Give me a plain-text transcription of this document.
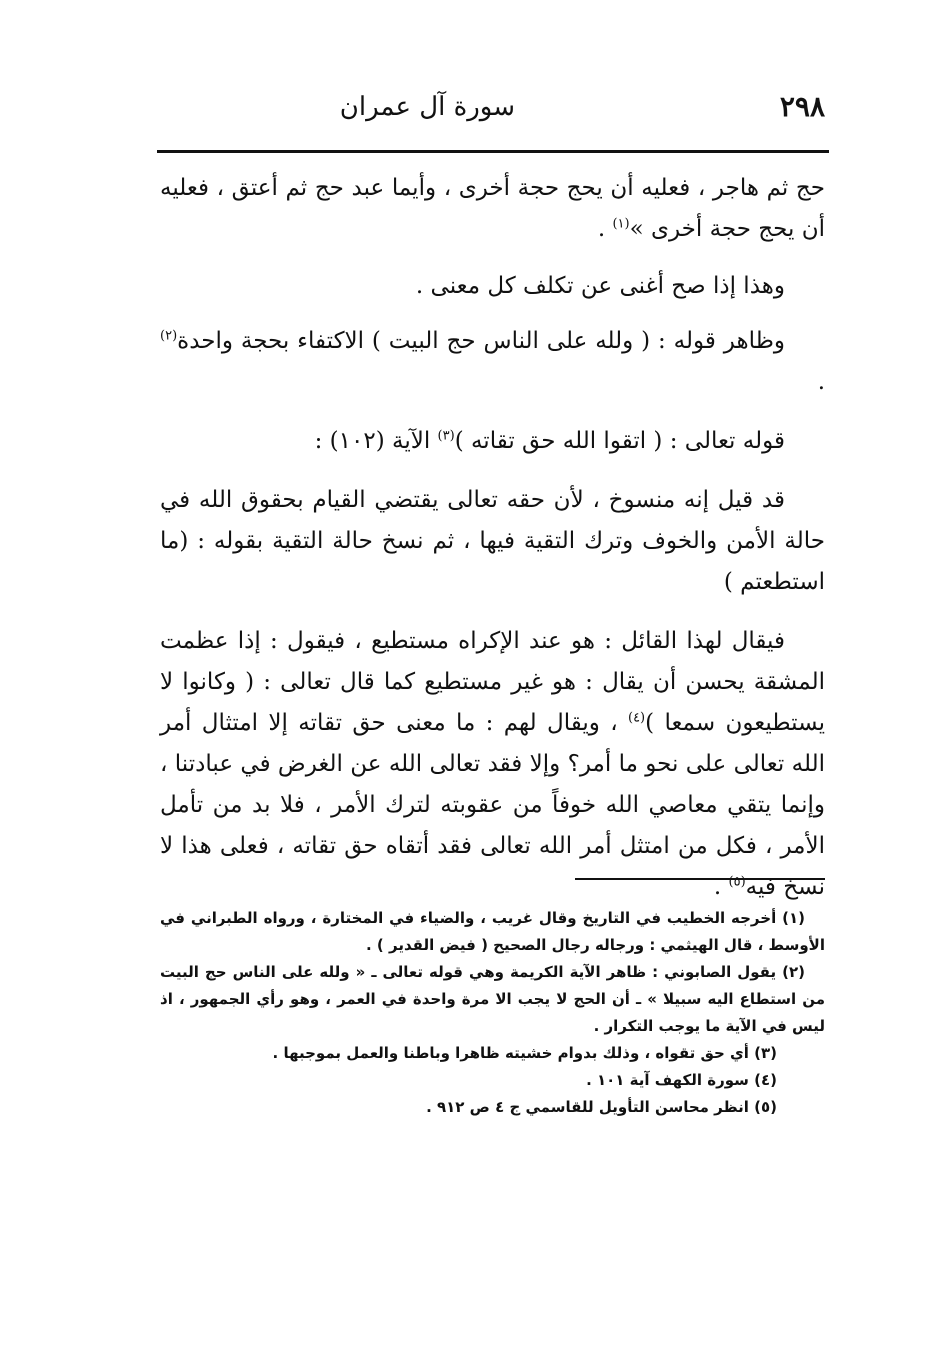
٢٩٨
سورة آل عمران

حج ثم هاجر ، فعليه أن يحج حجة أخرى ، وأيما عبد حج ثم أعتق ، فعليه أن يحج حجة أخرى »$^{(١)}$ .

وهذا إذا صح أغنى عن تكلف كل معنى .

وظاهر قوله : ( ولله على الناس حج البيت ) الاكتفاء بحجة واحدة$^{(٢)}$ .

قوله تعالى : ( اتقوا الله حق تقاته )$^{(٣)}$ الآية (١٠٢) :

قد قيل إنه منسوخ ، لأن حقه تعالى يقتضي القيام بحقوق الله في حالة الأمن والخوف وترك التقية فيها ، ثم نسخ حالة التقية بقوله : (ما استطعتم )

فيقال لهذا القائل : هو عند الإكراه مستطيع ، فيقول : إذا عظمت المشقة يحسن أن يقال : هو غير مستطيع كما قال تعالى : ( وكانوا لا يستطيعون سمعا )$^{(٤)}$ ، ويقال لهم : ما معنى حق تقاته إلا امتثال أمر الله تعالى على نحو ما أمر؟ وإلا فقد تعالى الله عن الغرض في عبادتنا ، وإنما يتقي معاصي الله خوفاً من عقوبته لترك الأمر ، فلا بد من تأمل الأمر ، فكل من امتثل أمر الله تعالى فقد أتقاه حق تقاته ، فعلى هذا لا نسخ فيه$^{(٥)}$ .

(١) أخرجه الخطيب في التاريخ وقال غريب ، والضياء في المختارة ، ورواه الطبراني في الأوسط ، قال الهيثمي : ورجاله رجال الصحيح ( فيض القدير ) .

(٢) يقول الصابوني : ظاهر الآية الكريمة وهي قوله تعالى ـ « ولله على الناس حج البيت من استطاع اليه سبيلا » ـ أن الحج لا يجب الا مرة واحدة في العمر ، وهو رأي الجمهور ، اذ ليس في الآية ما يوجب التكرار .

(٣) أي حق تقواه ، وذلك بدوام خشيته ظاهرا وباطنا والعمل بموجبها .

(٤) سورة الكهف آية ١٠١ .

(٥) انظر محاسن التأويل للقاسمي ج ٤ ص ٩١٢ .
